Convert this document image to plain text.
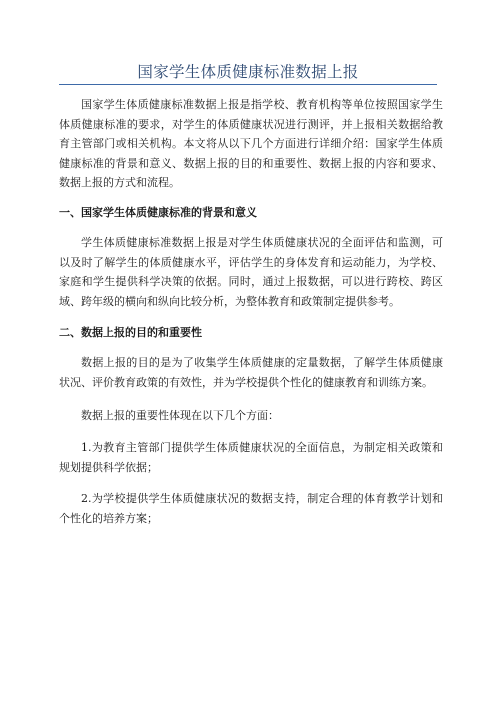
国家学生体质健康标准数据上报

国家学生体质健康标准数据上报是指学校、教育机构等单位按照国家学生体质健康标准的要求，对学生的体质健康状况进行测评，并上报相关数据给教育主管部门或相关机构。本文将从以下几个方面进行详细介绍：国家学生体质健康标准的背景和意义、数据上报的目的和重要性、数据上报的内容和要求、数据上报的方式和流程。

一、国家学生体质健康标准的背景和意义

学生体质健康标准数据上报是对学生体质健康状况的全面评估和监测，可以及时了解学生的体质健康水平，评估学生的身体发育和运动能力，为学校、家庭和学生提供科学决策的依据。同时，通过上报数据，可以进行跨校、跨区域、跨年级的横向和纵向比较分析，为整体教育和政策制定提供参考。

二、数据上报的目的和重要性

数据上报的目的是为了收集学生体质健康的定量数据，了解学生体质健康状况、评价教育政策的有效性，并为学校提供个性化的健康教育和训练方案。

数据上报的重要性体现在以下几个方面：

1.为教育主管部门提供学生体质健康状况的全面信息，为制定相关政策和规划提供科学依据；

2.为学校提供学生体质健康状况的数据支持，制定合理的体育教学计划和个性化的培养方案；
